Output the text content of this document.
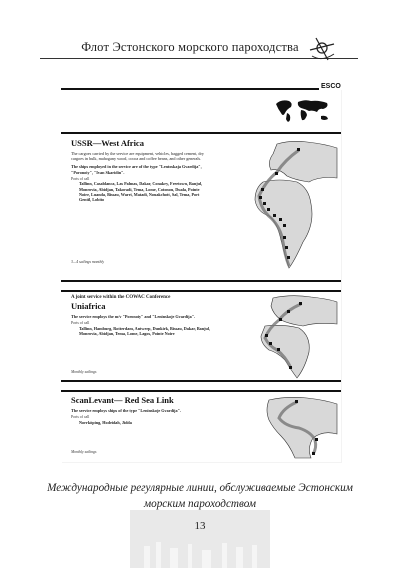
Флот Эстонского морского пароходства
ESCO
USSR—West Africa
The cargoes carried by the service are equipment, vehicles, bagged cement, dry cargoes in bulk, mahogany wood, cocoa and coffee beans, and other generals.
The ships employed in the service are of the type "Lentoskaja Gvardija", "Poronoiy", "Ivan Skaridin".
Ports of call
Tallinn, Casablanca, Las Palmas, Dakar, Conakry, Freetown, Banjul, Monrovia, Abidjan, Takoradi, Tema, Lome, Cotonou, Duala, Pointe Noire, Luanda, Bissau, Warri, Matadi, Nouakchott, Sal, Tema, Port Gentil, Lobito
3—4 sailings monthly
A joint service within the COWAC Conference
Uniafrica
The service employs the m/v "Poronoiy" and "Leninskoje Gvardija".
Ports of call
Tallinn, Hamburg, Rotterdam, Antwerp, Dunkirk, Bissau, Dakar, Banjul, Monrovia, Abidjan, Tema, Lome, Lagos, Pointe Noire
Monthly sailings
ScanLevant— Red Sea Link
The service employs ships of the type "Leninskoje Gvardija".
Ports of call
Norrköping, Hodeidah, Jidda
Monthly sailings
Международные регулярные линии, обслуживаемые Эстонским морским пароходством
13
